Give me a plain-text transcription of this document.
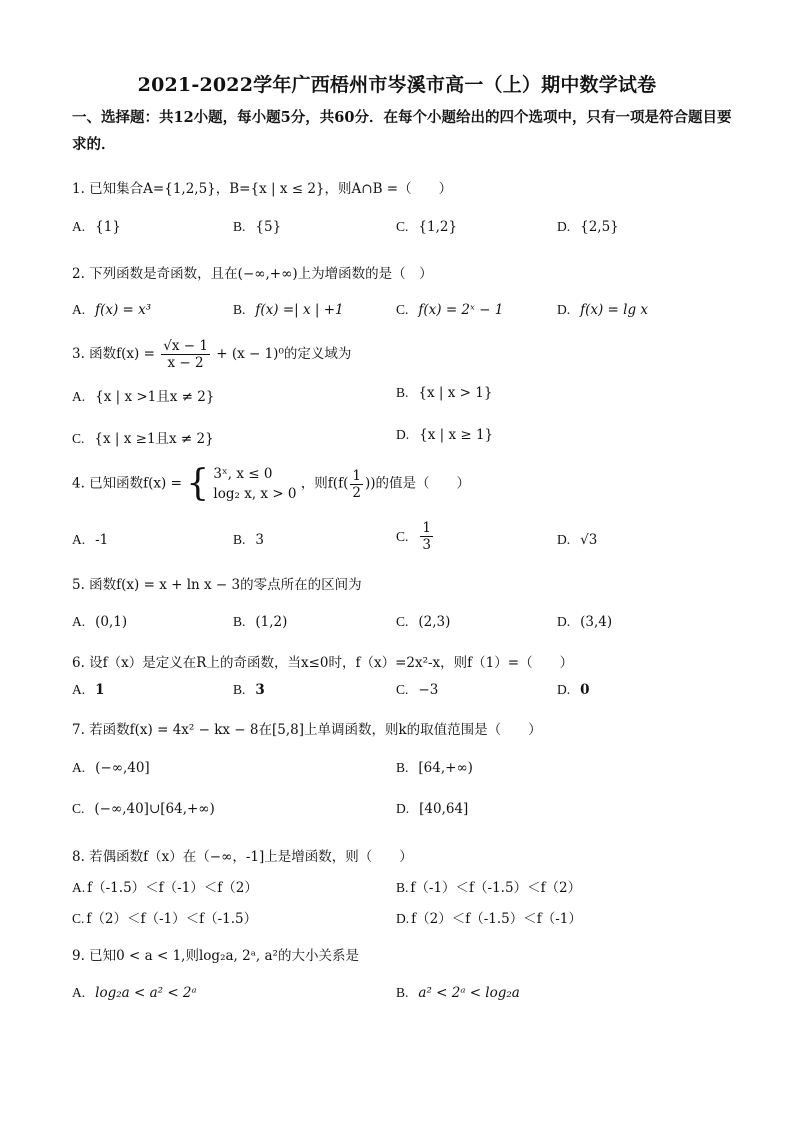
2021-2022学年广西梧州市岑溪市高一（上）期中数学试卷
一、选择题：共12小题，每小题5分，共60分．在每个小题给出的四个选项中，只有一项是符合题目要求的．
1. 已知集合A={1,2,5}，B={x | x ≤ 2}，则A∩B =（　　）
A. {1}	B. {5}	C. {1,2}	D. {2,5}
2. 下列函数是奇函数，且在(−∞,+∞)上为增函数的是（　）
A. f(x) = x³	B. f(x) =| x | +1	C. f(x) = 2ˣ − 1	D. f(x) = lg x
3. 函数$f(x) = \frac{√x - 1}{x - 2} + (x - 1)^0$的定义域为
A. {x | x >1且x ≠ 2}	B. {x | x > 1}
C. {x | x ≥1且x ≠ 2}	D. {x | x ≥ 1}
4. 已知函数f(x) = { 3ˣ, x ≤ 0
log₂ x, x > 0
，则$f(f( \frac{1}{2}$ ))的值是（　　）
A. -1	B. 3	C. $\frac{1}{3}$	D. √3
5. 函数f(x) = x + ln x − 3的零点所在的区间为
A. (0,1)	B. (1,2)	C. (2,3)	D. (3,4)
6. 设f（x）是定义在R上的奇函数，当x≤0时，f（x）=2x²-x，则f（1）=（　　）
A. 1	B. 3	C. −3	D. 0
7. 若函数f(x) = 4x² − kx − 8在[5,8]上单调函数，则k的取值范围是（　　）
A. (−∞,40]	B. [64,+∞)
C. (−∞,40]∪[64,+∞)	D. [40,64]
8. 若偶函数f（x）在（−∞，-1]上是增函数，则（　　）
A. f（-1.5）＜f（-1）＜f（2）	B. f（-1）＜f（-1.5）＜f（2）
C. f（2）＜f（-1）＜f（-1.5）	D. f（2）＜f（-1.5）＜f（-1）
9. 已知0 < a < 1,则log₂a, 2ᵃ, a²的大小关系是
A. log₂a < a² < 2ᵃ	B. a² < 2ᵃ < log₂a
